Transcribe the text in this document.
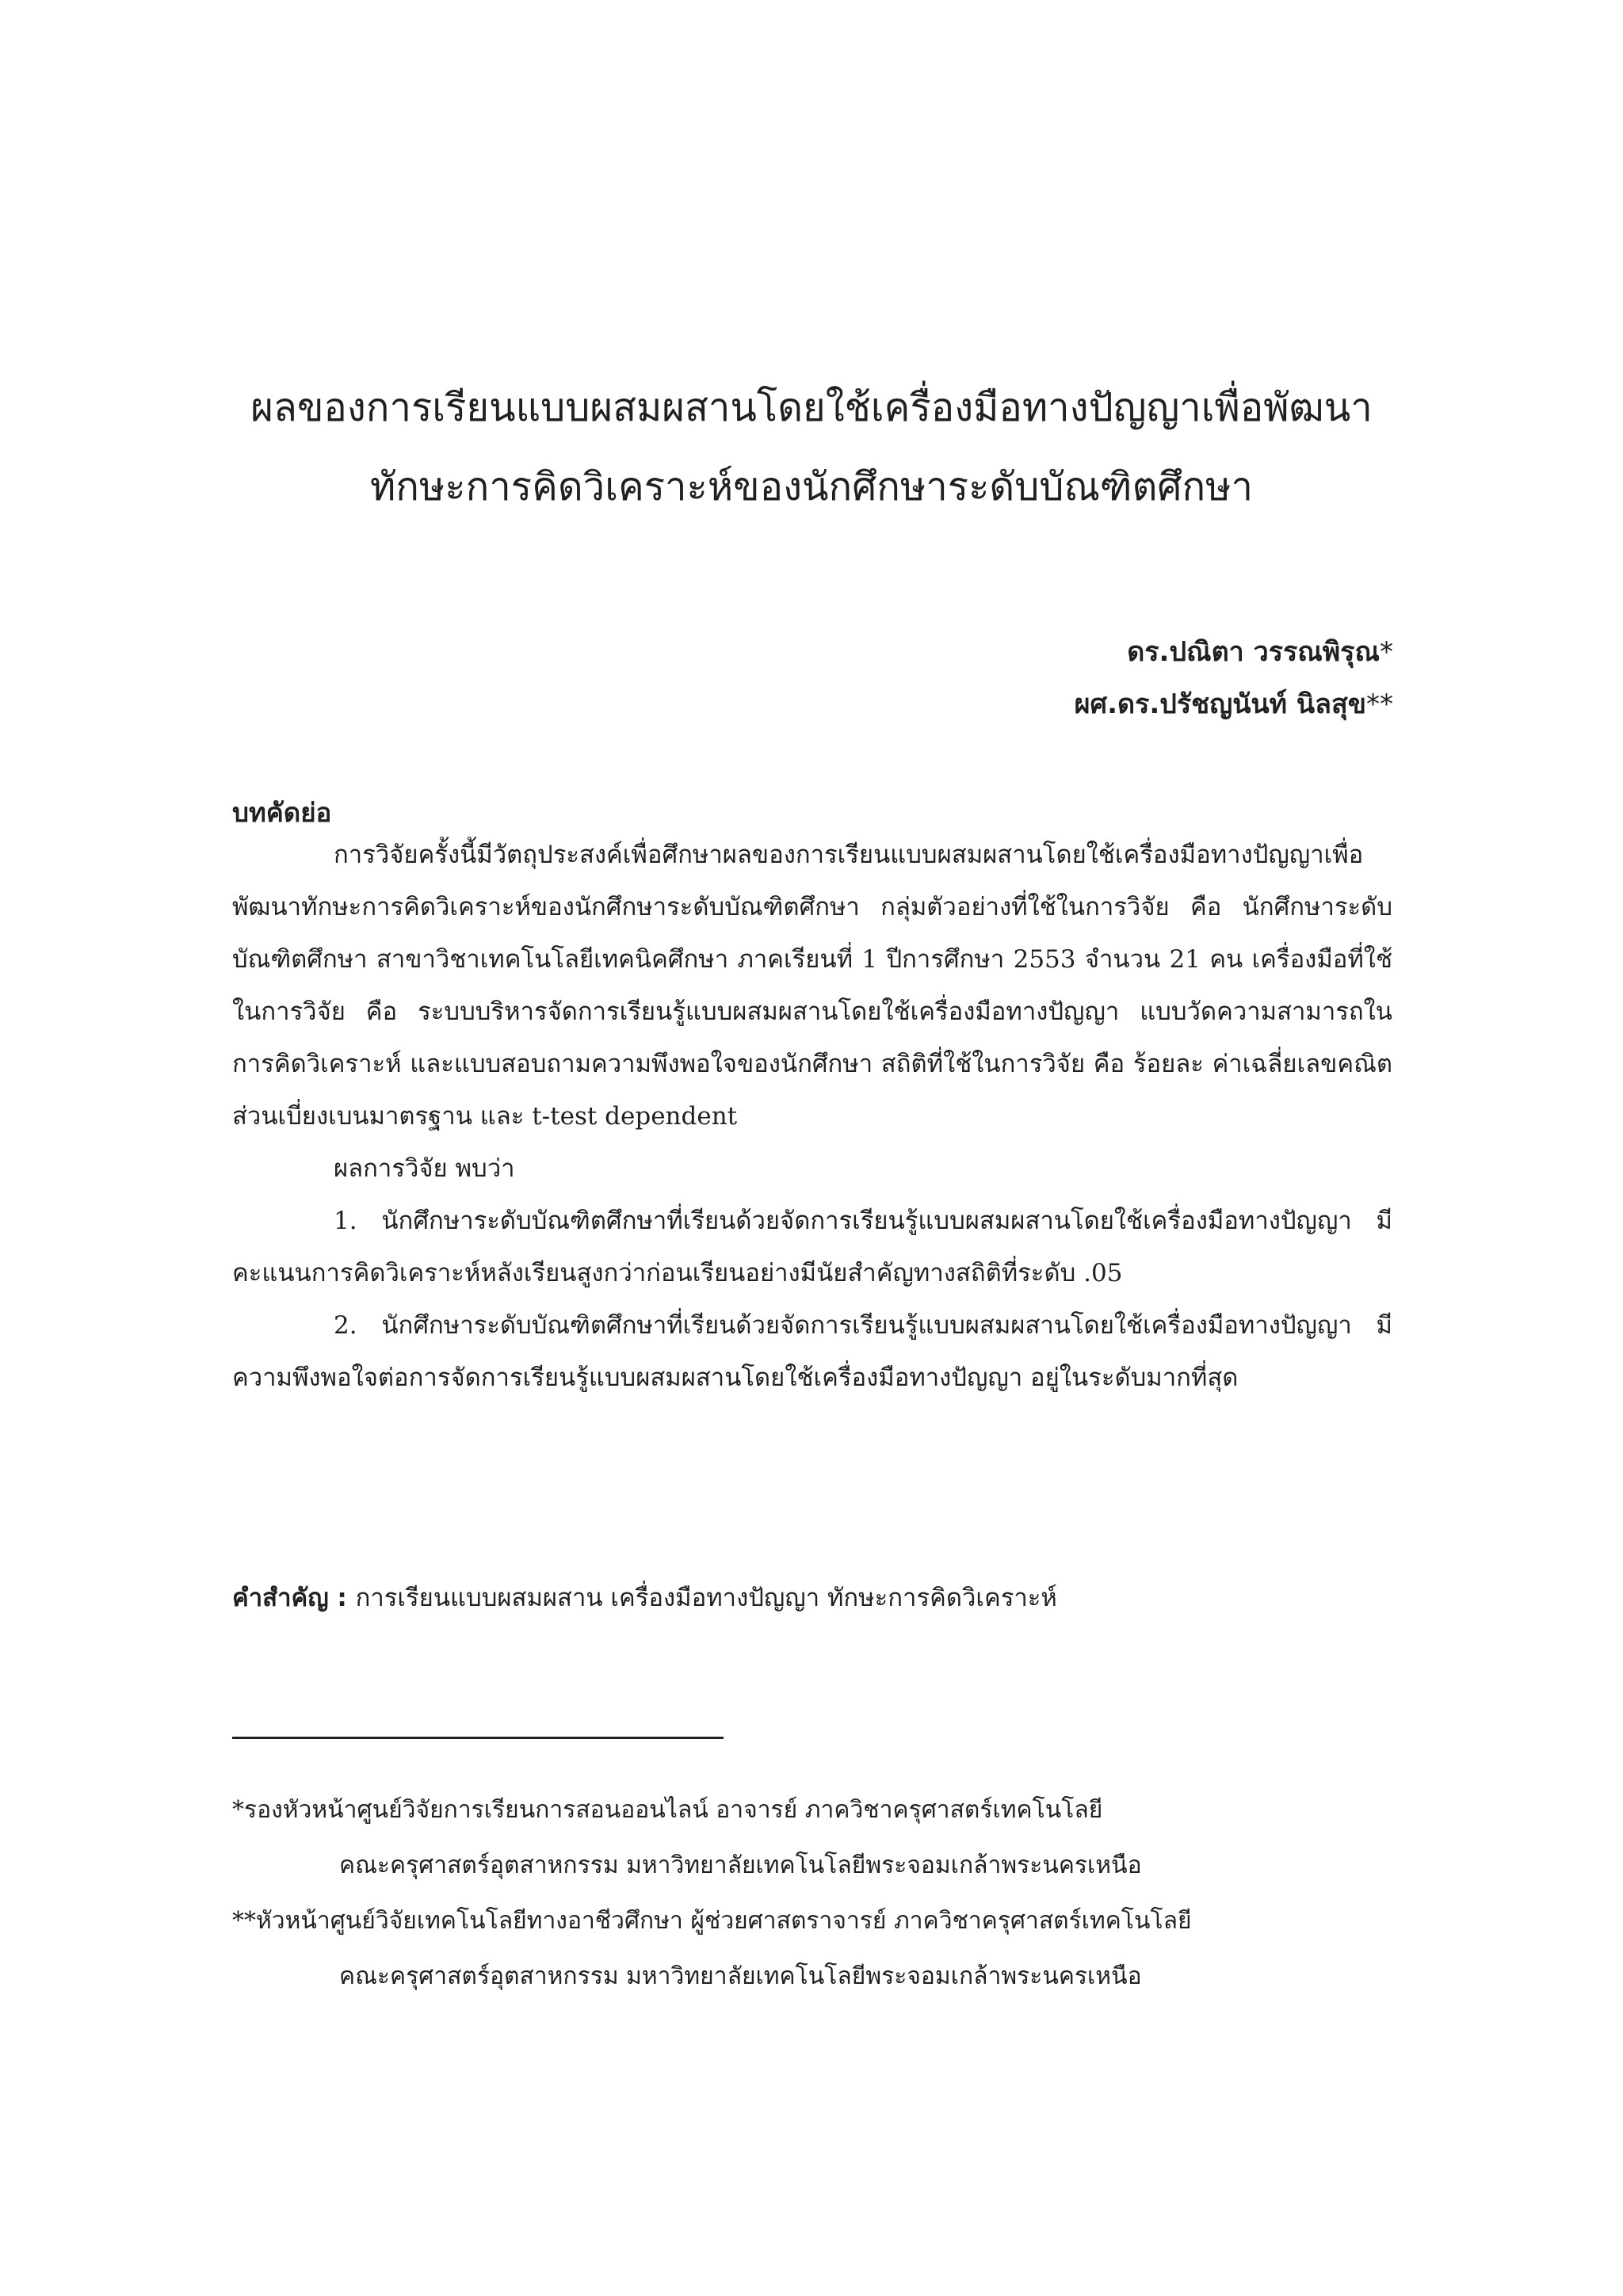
ผลของการเรียนแบบผสมผสานโดยใช้เครื่องมือทางปัญญาเพื่อพัฒนา
ทักษะการคิดวิเคราะห์ของนักศึกษาระดับบัณฑิตศึกษา
ดร.ปณิตา วรรณพิรุณ*
ผศ.ดร.ปรัชญนันท์ นิลสุข**
บทคัดย่อ
การวิจัยครั้งนี้มีวัตถุประสงค์เพื่อศึกษาผลของการเรียนแบบผสมผสานโดยใช้เครื่องมือทางปัญญาเพื่อพัฒนาทักษะการคิดวิเคราะห์ของนักศึกษาระดับบัณฑิตศึกษา กลุ่มตัวอย่างที่ใช้ในการวิจัย คือ นักศึกษาระดับบัณฑิตศึกษา สาขาวิชาเทคโนโลยีเทคนิคศึกษา ภาคเรียนที่ 1 ปีการศึกษา 2553 จำนวน 21 คน เครื่องมือที่ใช้ในการวิจัย คือ ระบบบริหารจัดการเรียนรู้แบบผสมผสานโดยใช้เครื่องมือทางปัญญา แบบวัดความสามารถในการคิดวิเคราะห์ และแบบสอบถามความพึงพอใจของนักศึกษา สถิติที่ใช้ในการวิจัย คือ ร้อยละ ค่าเฉลี่ยเลขคณิต ส่วนเบี่ยงเบนมาตรฐาน และ t-test dependent
ผลการวิจัย พบว่า
1. นักศึกษาระดับบัณฑิตศึกษาที่เรียนด้วยจัดการเรียนรู้แบบผสมผสานโดยใช้เครื่องมือทางปัญญา มีคะแนนการคิดวิเคราะห์หลังเรียนสูงกว่าก่อนเรียนอย่างมีนัยสำคัญทางสถิติที่ระดับ .05
2. นักศึกษาระดับบัณฑิตศึกษาที่เรียนด้วยจัดการเรียนรู้แบบผสมผสานโดยใช้เครื่องมือทางปัญญา มีความพึงพอใจต่อการจัดการเรียนรู้แบบผสมผสานโดยใช้เครื่องมือทางปัญญา อยู่ในระดับมากที่สุด
คำสำคัญ : การเรียนแบบผสมผสาน เครื่องมือทางปัญญา ทักษะการคิดวิเคราะห์
*รองหัวหน้าศูนย์วิจัยการเรียนการสอนออนไลน์ อาจารย์ ภาควิชาครุศาสตร์เทคโนโลยี
คณะครุศาสตร์อุตสาหกรรม มหาวิทยาลัยเทคโนโลยีพระจอมเกล้าพระนครเหนือ
**หัวหน้าศูนย์วิจัยเทคโนโลยีทางอาชีวศึกษา ผู้ช่วยศาสตราจารย์ ภาควิชาครุศาสตร์เทคโนโลยี
คณะครุศาสตร์อุตสาหกรรม มหาวิทยาลัยเทคโนโลยีพระจอมเกล้าพระนครเหนือ
